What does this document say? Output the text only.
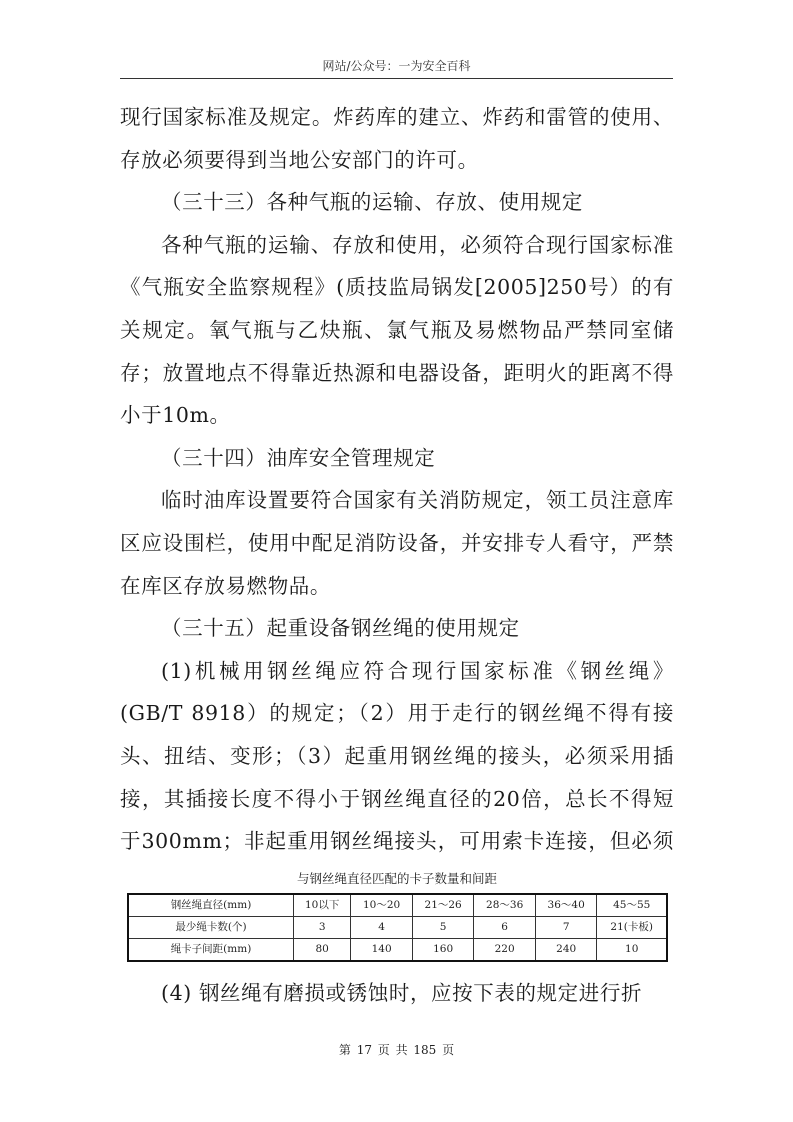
网站/公众号：一为安全百科

现行国家标准及规定。炸药库的建立、炸药和雷管的使用、存放必须要得到当地公安部门的许可。

（三十三）各种气瓶的运输、存放、使用规定

各种气瓶的运输、存放和使用，必须符合现行国家标准《气瓶安全监察规程》(质技监局锅发[2005]250号）的有关规定。氧气瓶与乙炔瓶、氯气瓶及易燃物品严禁同室储存；放置地点不得靠近热源和电器设备，距明火的距离不得小于10m。

（三十四）油库安全管理规定

临时油库设置要符合国家有关消防规定，领工员注意库区应设围栏，使用中配足消防设备，并安排专人看守，严禁在库区存放易燃物品。

（三十五）起重设备钢丝绳的使用规定

(1)机械用钢丝绳应符合现行国家标准《钢丝绳》(GB/T 8918）的规定；（2）用于走行的钢丝绳不得有接头、扭结、变形；（3）起重用钢丝绳的接头，必须采用插接，其插接长度不得小于钢丝绳直径的20倍，总长不得短于300mm；非起重用钢丝绳接头，可用索卡连接，但必须

与钢丝绳直径匹配的卡子数量和间距
钢丝绳直径(mm)	10以下	10～20	21～26	28～36	36～40	45～55
最少绳卡数(个)	3	4	5	6	7	21(卡板)
绳卡子间距(mm)	80	140	160	220	240	10

(4) 钢丝绳有磨损或锈蚀时，应按下表的规定进行折

第 17 页 共 185 页
